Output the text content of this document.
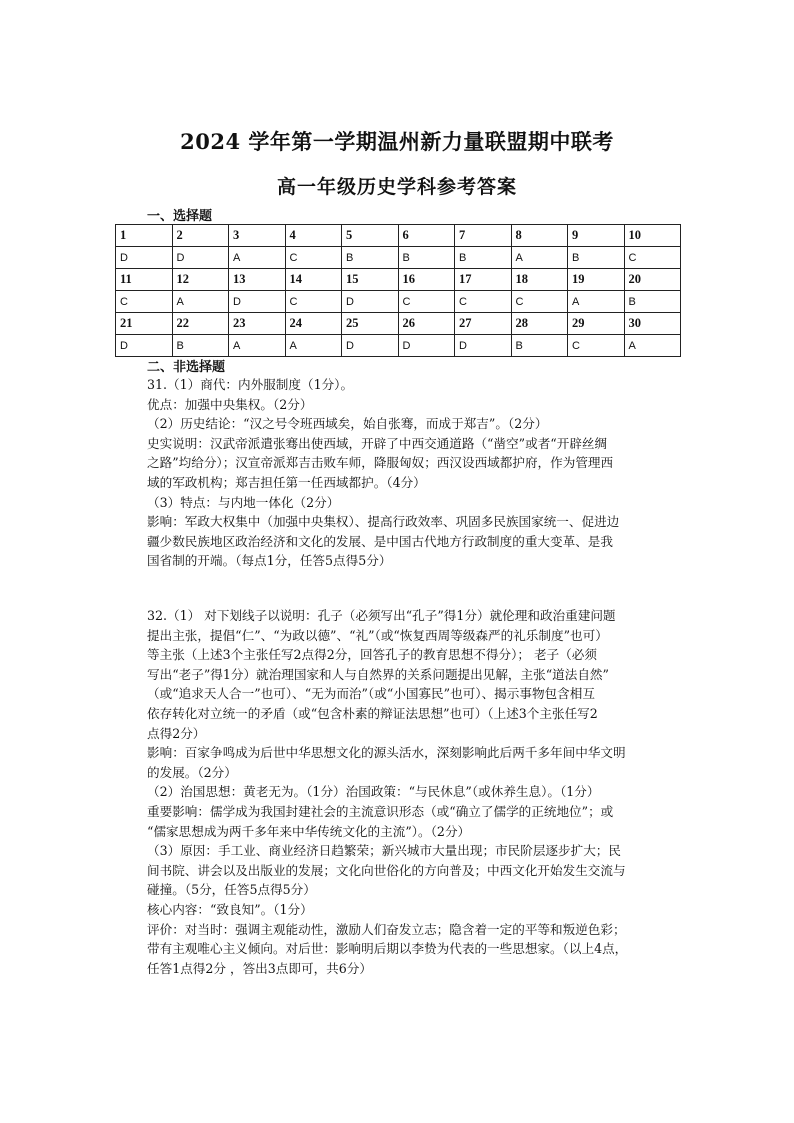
2024 学年第一学期温州新力量联盟期中联考
高一年级历史学科参考答案
一、选择题
1	2	3	4	5	6	7	8	9	10
D	D	A	C	B	B	B	A	B	C
11	12	13	14	15	16	17	18	19	20
C	A	D	C	D	C	C	C	A	B
21	22	23	24	25	26	27	28	29	30
D	B	A	A	D	D	D	B	C	A
二、非选择题

31.（1）商代：内外服制度（1分）。

优点：加强中央集权。（2分）

（2）历史结论：“汉之号令班西域矣，始自张骞，而成于郑吉”。（2分）

史实说明：汉武帝派遣张骞出使西域，开辟了中西交通道路（“凿空”或者“开辟丝绸

之路”均给分）；汉宣帝派郑吉击败车师，降服匈奴；西汉设西域都护府，作为管理西

域的军政机构；郑吉担任第一任西域都护。（4分）

（3）特点：与内地一体化（2分）

影响：军政大权集中（加强中央集权）、提高行政效率、巩固多民族国家统一、促进边

疆少数民族地区政治经济和文化的发展、是中国古代地方行政制度的重大变革、是我

国省制的开端。（每点1分，任答5点得5分）

32.（1） 对下划线子以说明：孔子（必须写出“孔子”得1分）就伦理和政治重建问题

提出主张，提倡“仁”、“为政以德”、“礼”（或“恢复西周等级森严的礼乐制度”也可）

等主张（上述3个主张任写2点得2分，回答孔子的教育思想不得分）； 老子（必须

写出“老子”得1分）就治理国家和人与自然界的关系问题提出见解，主张“道法自然”

（或“追求天人合一”也可）、“无为而治”（或“小国寡民”也可）、揭示事物包含相互

依存转化对立统一的矛盾（或“包含朴素的辩证法思想”也可）（上述3个主张任写2

点得2分）

影响：百家争鸣成为后世中华思想文化的源头活水，深刻影响此后两千多年间中华文明

的发展。（2分）

（2）治国思想：黄老无为。（1分）治国政策：“与民休息”（或休养生息）。（1分）

重要影响：儒学成为我国封建社会的主流意识形态（或“确立了儒学的正统地位”；或

“儒家思想成为两千多年来中华传统文化的主流”）。（2分）

（3）原因：手工业、商业经济日趋繁荣；新兴城市大量出现；市民阶层逐步扩大；民

间书院、讲会以及出版业的发展；文化向世俗化的方向普及；中西文化开始发生交流与

碰撞。（5分，任答5点得5分）

核心内容：“致良知”。（1分）

评价：对当时：强调主观能动性，激励人们奋发立志；隐含着一定的平等和叛逆色彩；

带有主观唯心主义倾向。对后世：影响明后期以李贽为代表的一些思想家。（以上4点，

任答1点得2分 ，答出3点即可，共6分）
